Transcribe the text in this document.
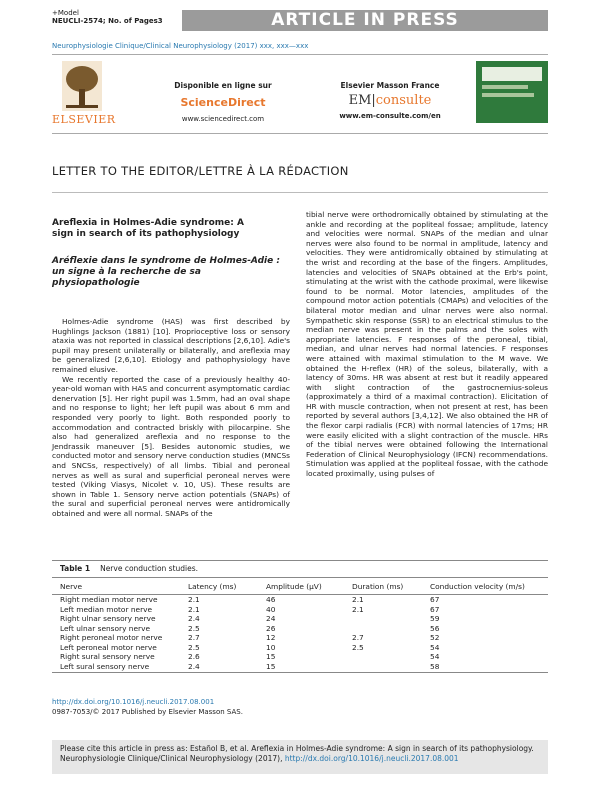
+Model
NEUCLI-2574; No. of Pages3	ARTICLE IN PRESS
Neurophysiologie Clinique/Clinical Neurophysiology (2017) xxx, xxx—xxx
ELSEVIER
Disponible en ligne sur
ScienceDirect
www.sciencedirect.com
Elsevier Masson France
EM|consulte
www.em-consulte.com/en
LETTER TO THE EDITOR/LETTRE À LA RÉDACTION
Areflexia in Holmes-Adie syndrome: A sign in search of its pathophysiology
Aréflexie dans le syndrome de Holmes-Adie : un signe à la recherche de sa physiopathologie

Holmes-Adie syndrome (HAS) was first described by Hughlings Jackson (1881) [10]. Proprioceptive loss or sensory ataxia was not reported in classical descriptions [2,6,10]. Adie's pupil may present unilaterally or bilaterally, and areflexia may be generalized [2,6,10]. Etiology and pathophysiology have remained elusive.

We recently reported the case of a previously healthy 40-year-old woman with HAS and concurrent asymptomatic cardiac denervation [5]. Her right pupil was 1.5mm, had an oval shape and no response to light; her left pupil was about 6 mm and responded very poorly to light. Both responded poorly to accommodation and contracted briskly with pilocarpine. She also had generalized areflexia and no response to the Jendrassik maneuver [5]. Besides autonomic studies, we conducted motor and sensory nerve conduction studies (MNCSs and SNCSs, respectively) of all limbs. Tibial and peroneal nerves as well as sural and superficial peroneal nerves were tested (Viking Viasys, Nicolet v. 10, US). These results are shown in Table 1. Sensory nerve action potentials (SNAPs) of the sural and superficial peroneal nerves were antidromically obtained and were all normal. SNAPs of the

tibial nerve were orthodromically obtained by stimulating at the ankle and recording at the popliteal fossae; amplitude, latency and velocities were normal. SNAPs of the median and ulnar nerves were also found to be normal in amplitude, latency and velocities. They were antidromically obtained by stimulating at the wrist and recording at the base of the fingers. Amplitudes, latencies and velocities of SNAPs obtained at the Erb's point, stimulating at the wrist with the cathode proximal, were likewise found to be normal. Motor latencies, amplitudes of the compound motor action potentials (CMAPs) and velocities of the bilateral motor median and ulnar nerves were also normal. Sympathetic skin response (SSR) to an electrical stimulus to the median nerve was present in the palms and the soles with appropriate latencies. F responses of the peroneal, tibial, median, and ulnar nerves had normal latencies. F responses were attained with maximal stimulation to the M wave. We obtained the H-reflex (HR) of the soleus, bilaterally, with a latency of 30ms. HR was absent at rest but it readily appeared with slight contraction of the gastrocnemius-soleus (approximately a third of a maximal contraction). Elicitation of HR with muscle contraction, when not present at rest, has been reported by several authors [3,4,12]. We also obtained the HR of the flexor carpi radialis (FCR) with normal latencies of 17ms; HR were easily elicited with a slight contraction of the muscle. HRs of the tibial nerves were obtained following the International Federation of Clinical Neurophysiology (IFCN) recommendations. Stimulation was applied at the popliteal fossae, with the cathode located proximally, using pulses of

Table 1 Nerve conduction studies.
Nerve	Latency (ms)	Amplitude (µV)	Duration (ms)	Conduction velocity (m/s)
Right median motor nerve	2.1	46	2.1	67
Left median motor nerve	2.1	40	2.1	67
Right ulnar sensory nerve	2.4	24		59
Left ulnar sensory nerve	2.5	26		56
Right peroneal motor nerve	2.7	12	2.7	52
Left peroneal motor nerve	2.5	10	2.5	54
Right sural sensory nerve	2.6	15		54
Left sural sensory nerve	2.4	15		58
http://dx.doi.org/10.1016/j.neucli.2017.08.001
0987-7053/© 2017 Published by Elsevier Masson SAS.
Please cite this article in press as: Estañol B, et al. Areflexia in Holmes-Adie syndrome: A sign in search of its pathophysiology. Neurophysiologie Clinique/Clinical Neurophysiology (2017), http://dx.doi.org/10.1016/j.neucli.2017.08.001
